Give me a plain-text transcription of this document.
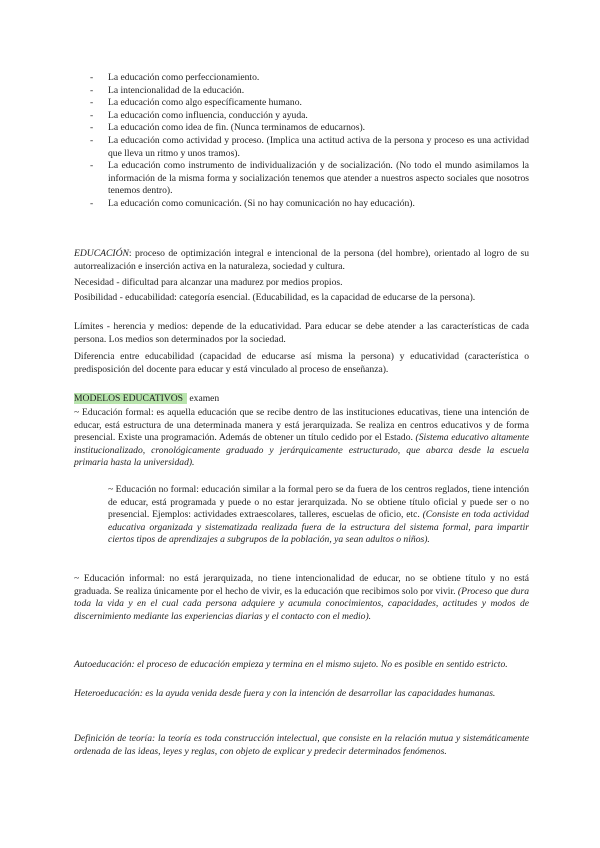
- La educación como perfeccionamiento.
- La intencionalidad de la educación.
- La educación como algo específicamente humano.
- La educación como influencia, conducción y ayuda.
- La educación como idea de fin. (Nunca terminamos de educarnos).
- La educación como actividad y proceso. (Implica una actitud activa de la persona y proceso es una actividad que lleva un ritmo y unos tramos).
- La educación como instrumento de individualización y de socialización. (No todo el mundo asimilamos la información de la misma forma y socialización tenemos que atender a nuestros aspecto sociales que nosotros tenemos dentro).
- La educación como comunicación. (Si no hay comunicación no hay educación).

EDUCACIÓN: proceso de optimización integral e intencional de la persona (del hombre), orientado al logro de su autorrealización e inserción activa en la naturaleza, sociedad y cultura.

Necesidad - dificultad para alcanzar una madurez por medios propios.

Posibilidad - educabilidad: categoría esencial. (Educabilidad, es la capacidad de educarse de la persona).

Límites - herencia y medios: depende de la educatividad. Para educar se debe atender a las características de cada persona. Los medios son determinados por la sociedad.

Diferencia entre educabilidad (capacidad de educarse así misma la persona) y educatividad (característica o predisposición del docente para educar y está vinculado al proceso de enseñanza).

MODELOS EDUCATIVOS examen

~ Educación formal: es aquella educación que se recibe dentro de las instituciones educativas, tiene una intención de educar, está estructura de una determinada manera y está jerarquizada. Se realiza en centros educativos y de forma presencial. Existe una programación. Además de obtener un título cedido por el Estado. (Sistema educativo altamente institucionalizado, cronológicamente graduado y jerárquicamente estructurado, que abarca desde la escuela primaria hasta la universidad).

~ Educación no formal: educación similar a la formal pero se da fuera de los centros reglados, tiene intención de educar, está programada y puede o no estar jerarquizada. No se obtiene título oficial y puede ser o no presencial. Ejemplos: actividades extraescolares, talleres, escuelas de oficio, etc. (Consiste en toda actividad educativa organizada y sistematizada realizada fuera de la estructura del sistema formal, para impartir ciertos tipos de aprendizajes a subgrupos de la población, ya sean adultos o niños).

~ Educación informal: no está jerarquizada, no tiene intencionalidad de educar, no se obtiene título y no está graduada. Se realiza únicamente por el hecho de vivir, es la educación que recibimos solo por vivir. (Proceso que dura toda la vida y en el cual cada persona adquiere y acumula conocimientos, capacidades, actitudes y modos de discernimiento mediante las experiencias diarias y el contacto con el medio).

Autoeducación: el proceso de educación empieza y termina en el mismo sujeto. No es posible en sentido estricto.

Heteroeducación: es la ayuda venida desde fuera y con la intención de desarrollar las capacidades humanas.

Definición de teoría: la teoría es toda construcción intelectual, que consiste en la relación mutua y sistemáticamente ordenada de las ideas, leyes y reglas, con objeto de explicar y predecir determinados fenómenos.
